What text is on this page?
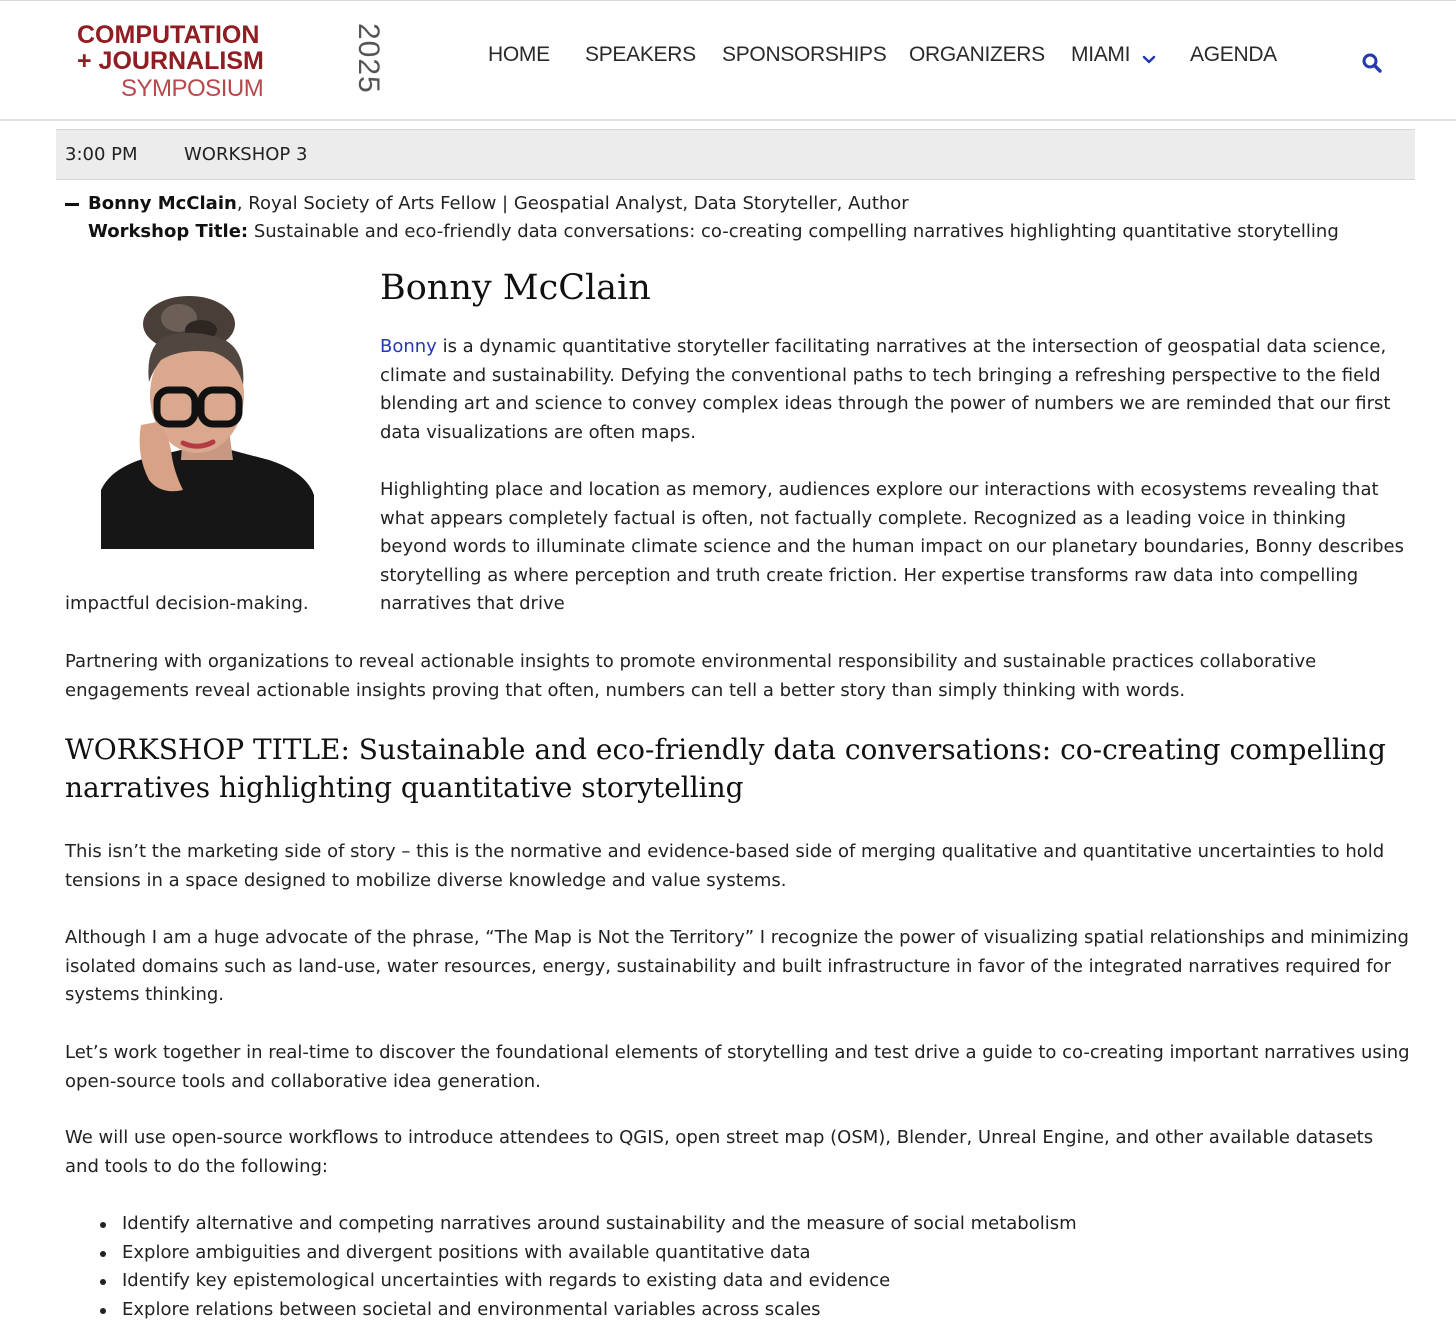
COMPUTATION
+ JOURNALISM
SYMPOSIUM	2025	HOME SPEAKERS SPONSORSHIPS ORGANIZERS MIAMI	AGENDA
3:00 PM	WORKSHOP 3
Bonny McClain, Royal Society of Arts Fellow | Geospatial Analyst, Data Storyteller, Author
Workshop Title: Sustainable and eco-friendly data conversations: co-creating compelling narratives highlighting quantitative storytelling
Bonny McClain

Bonny is a dynamic quantitative storyteller facilitating narratives at the intersection of geospatial data science, climate and sustainability. Defying the conventional paths to tech bringing a refreshing perspective to the field blending art and science to convey complex ideas through the power of numbers we are reminded that our first data visualizations are often maps.

Highlighting place and location as memory, audiences explore our interactions with ecosystems revealing that what appears completely factual is often, not factually complete. Recognized as a leading voice in thinking beyond words to illuminate climate science and the human impact on our planetary boundaries, Bonny describes storytelling as where perception and truth create friction. Her expertise transforms raw data into compelling narratives that drive

impactful decision-making.

Partnering with organizations to reveal actionable insights to promote environmental responsibility and sustainable practices collaborative engagements reveal actionable insights proving that often, numbers can tell a better story than simply thinking with words.

WORKSHOP TITLE: Sustainable and eco-friendly data conversations: co-creating compelling narratives highlighting quantitative storytelling

This isn’t the marketing side of story – this is the normative and evidence-based side of merging qualitative and quantitative uncertainties to hold tensions in a space designed to mobilize diverse knowledge and value systems.

Although I am a huge advocate of the phrase, “The Map is Not the Territory” I recognize the power of visualizing spatial relationships and minimizing isolated domains such as land-use, water resources, energy, sustainability and built infrastructure in favor of the integrated narratives required for systems thinking.

Let’s work together in real-time to discover the foundational elements of storytelling and test drive a guide to co-creating important narratives using open-source tools and collaborative idea generation.

We will use open-source workflows to introduce attendees to QGIS, open street map (OSM), Blender, Unreal Engine, and other available datasets and tools to do the following:

Identify alternative and competing narratives around sustainability and the measure of social metabolism
Explore ambiguities and divergent positions with available quantitative data
Identify key epistemological uncertainties with regards to existing data and evidence
Explore relations between societal and environmental variables across scales
